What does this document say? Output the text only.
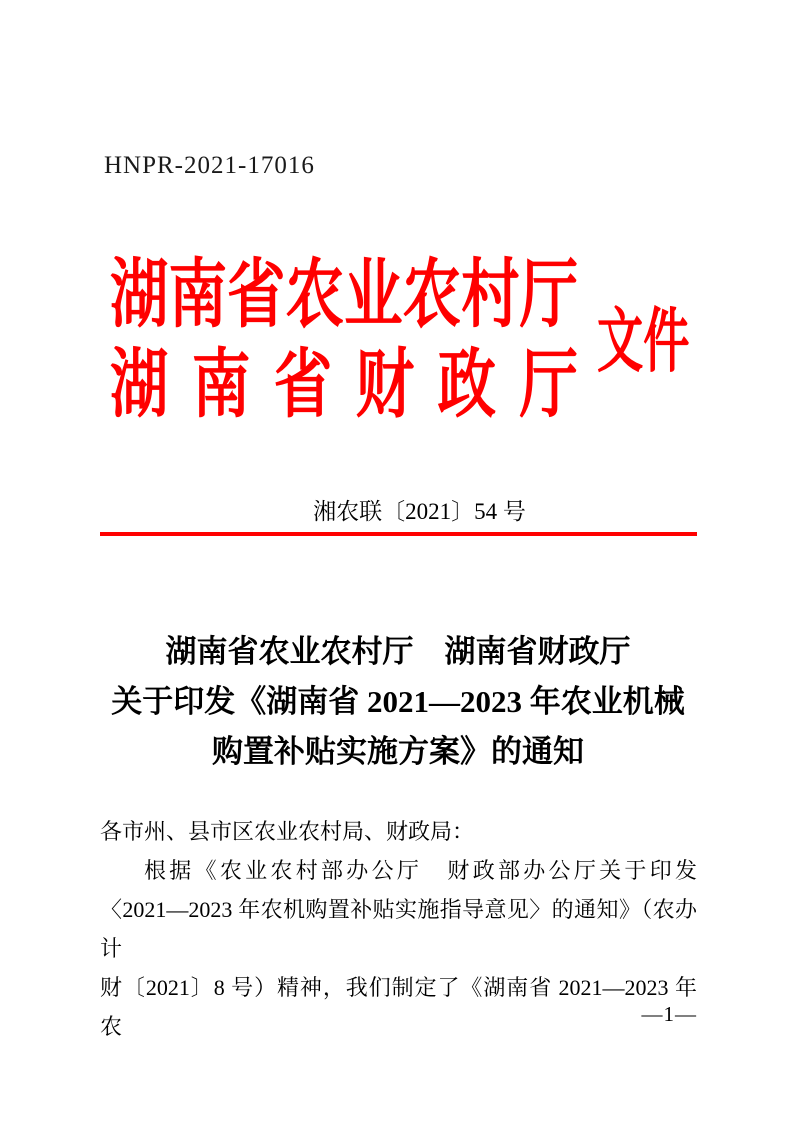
HNPR-2021-17016
湖 南 省 农 业 农 村 厅
湖 南 省 财 政 厅
文件
湘农联〔2021〕54 号
湖南省农业农村厅　湖南省财政厅
关于印发《湖南省 2021—2023 年农业机械
购置补贴实施方案》的通知
各市州、县市区农业农村局、财政局：
根据《农业农村部办公厅　财政部办公厅关于印发
〈2021—2023 年农机购置补贴实施指导意见〉的通知》（农办计
财〔2021〕8 号）精神，我们制定了《湖南省 2021—2023 年农	—1—
